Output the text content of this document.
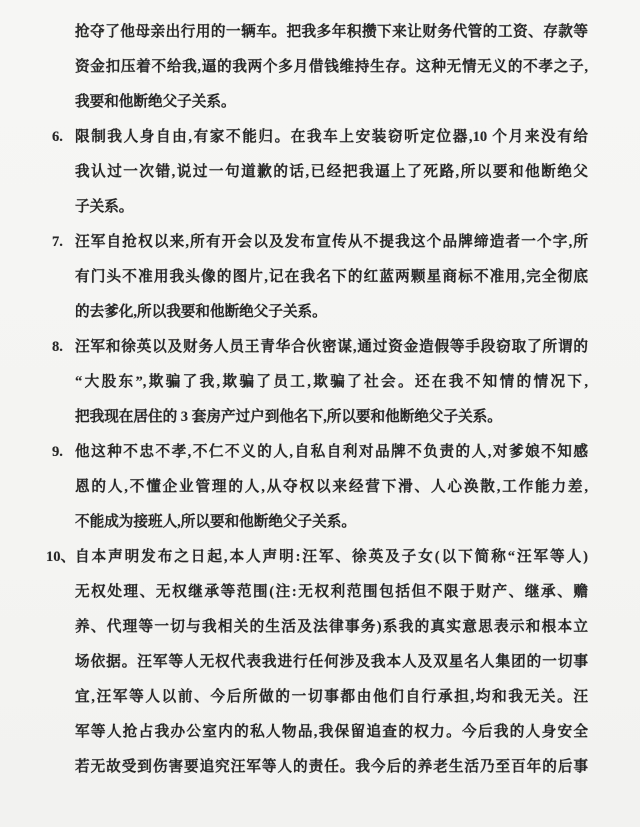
抢夺了他母亲出行用的一辆车。把我多年积攒下来让财务代管的工资、存款等
资金扣压着不给我,逼的我两个多月借钱维持生存。这种无情无义的不孝之子,
我要和他断绝父子关系。
6. 限制我人身自由,有家不能归。在我车上安装窃听定位器,10 个月来没有给
我认过一次错,说过一句道歉的话,已经把我逼上了死路,所以要和他断绝父
子关系。
7. 汪军自抢权以来,所有开会以及发布宣传从不提我这个品牌缔造者一个字,所
有门头不准用我头像的图片,记在我名下的红蓝两颗星商标不准用,完全彻底
的去爹化,所以我要和他断绝父子关系。
8. 汪军和徐英以及财务人员王青华合伙密谋,通过资金造假等手段窃取了所谓的
“大股东”,欺骗了我,欺骗了员工,欺骗了社会。还在我不知情的情况下,
把我现在居住的 3 套房产过户到他名下,所以要和他断绝父子关系。
9. 他这种不忠不孝,不仁不义的人,自私自利对品牌不负责的人,对爹娘不知感
恩的人,不懂企业管理的人,从夺权以来经营下滑、人心涣散,工作能力差,
不能成为接班人,所以要和他断绝父子关系。
10、 自本声明发布之日起,本人声明:汪军、徐英及子女(以下简称“汪军等人)
无权处理、无权继承等范围(注:无权利范围包括但不限于财产、继承、赡
养、代理等一切与我相关的生活及法律事务)系我的真实意思表示和根本立
场依据。汪军等人无权代表我进行任何涉及我本人及双星名人集团的一切事
宜,汪军等人以前、今后所做的一切事都由他们自行承担,均和我无关。汪
军等人抢占我办公室内的私人物品,我保留追查的权力。今后我的人身安全
若无故受到伤害要追究汪军等人的责任。我今后的养老生活乃至百年的后事
